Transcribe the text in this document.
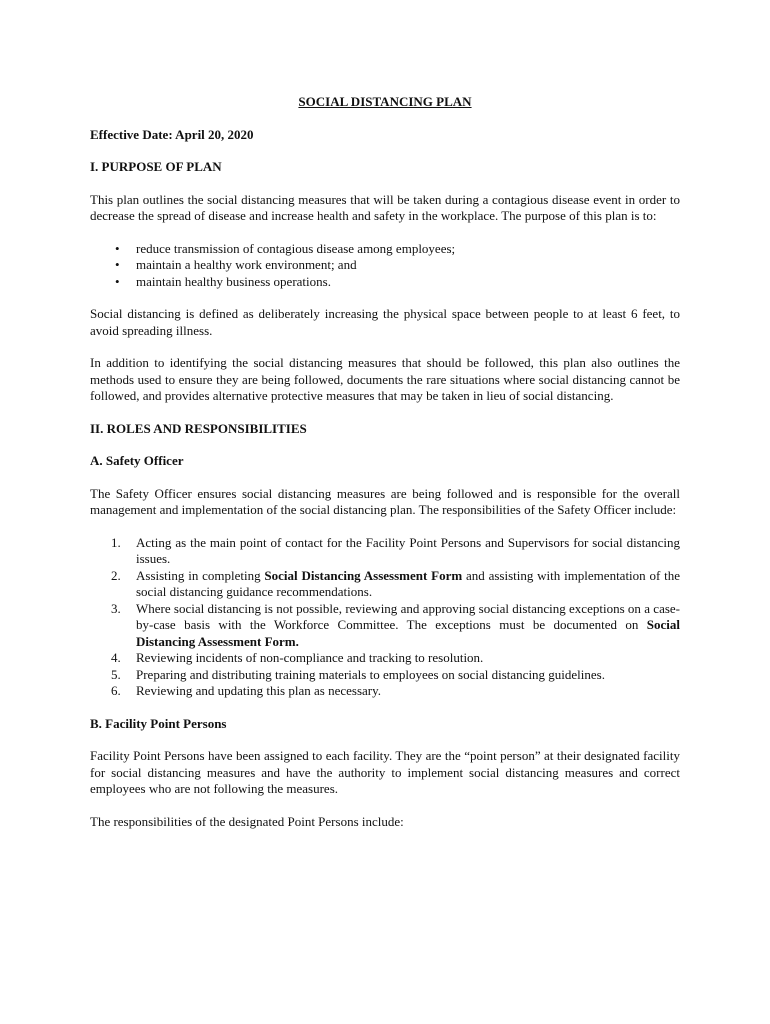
SOCIAL DISTANCING PLAN
Effective Date: April 20, 2020
I. PURPOSE OF PLAN

This plan outlines the social distancing measures that will be taken during a contagious disease event in order to decrease the spread of disease and increase health and safety in the workplace. The purpose of this plan is to:

• reduce transmission of contagious disease among employees;
• maintain a healthy work environment; and
• maintain healthy business operations.

Social distancing is defined as deliberately increasing the physical space between people to at least 6 feet, to avoid spreading illness.

In addition to identifying the social distancing measures that should be followed, this plan also outlines the methods used to ensure they are being followed, documents the rare situations where social distancing cannot be followed, and provides alternative protective measures that may be taken in lieu of social distancing.

II. ROLES AND RESPONSIBILITIES
A. Safety Officer

The Safety Officer ensures social distancing measures are being followed and is responsible for the overall management and implementation of the social distancing plan. The responsibilities of the Safety Officer include:

1. Acting as the main point of contact for the Facility Point Persons and Supervisors for social distancing issues.
2. Assisting in completing Social Distancing Assessment Form and assisting with implementation of the social distancing guidance recommendations.
3. Where social distancing is not possible, reviewing and approving social distancing exceptions on a case-by-case basis with the Workforce Committee. The exceptions must be documented on Social Distancing Assessment Form.
4. Reviewing incidents of non-compliance and tracking to resolution.
5. Preparing and distributing training materials to employees on social distancing guidelines.
6. Reviewing and updating this plan as necessary.
B. Facility Point Persons

Facility Point Persons have been assigned to each facility. They are the “point person” at their designated facility for social distancing measures and have the authority to implement social distancing measures and correct employees who are not following the measures.

The responsibilities of the designated Point Persons include:
